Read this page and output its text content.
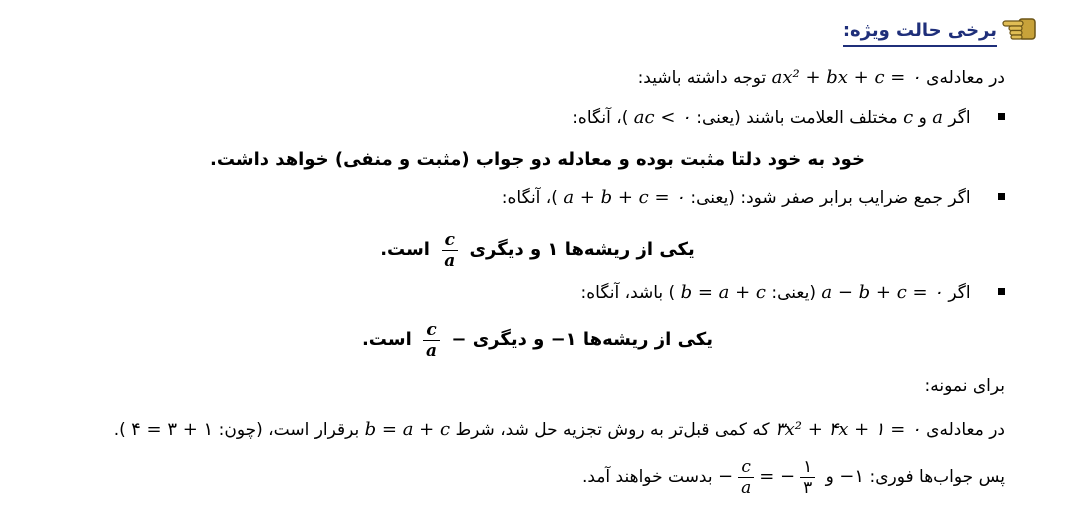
برخی حالت ویژه:
در معادله‌ی ax² + bx + c = ۰ توجه داشته باشید:
اگر a و c مختلف العلامت باشند (یعنی: ac < ۰ )، آنگاه:
خود به خود دلتا مثبت بوده و معادله دو جواب (مثبت و منفی) خواهد داشت.
اگر جمع ضرایب برابر صفر شود: (یعنی: a + b + c = ۰ )، آنگاه:
یکی از ریشه‌ها ۱ و دیگری
$\frac{c}{a}$
است.
اگر a − b + c = ۰ (یعنی: b = a + c ) باشد، آنگاه:
یکی از ریشه‌ها ۱− و دیگری −
$\frac{c}{a}$
است.
برای نمونه:
در معادله‌ی ۳x² + ۴x + ۱ = ۰ که کمی قبل‌تر به روش تجزیه حل شد، شرط b = a + c برقرار است، (چون: ۴ = ۳ + ۱ ).
پس جواب‌ها فوری: ۱− و − $\frac{c}{a}$ = − $\frac{۱}{۳}$
بدست خواهند آمد.
